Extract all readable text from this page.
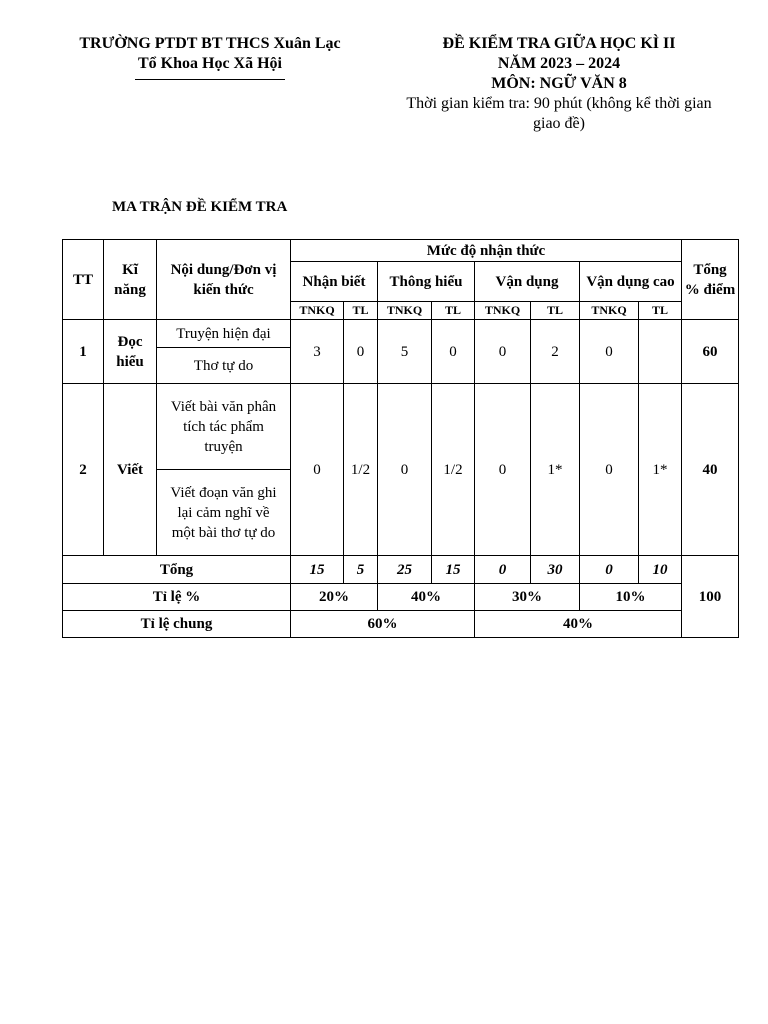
TRƯỜNG PTDT BT THCS Xuân Lạc
Tổ Khoa Học Xã Hội
ĐỀ KIỂM TRA GIỮA HỌC KÌ II
NĂM 2023 – 2024
MÔN: NGỮ VĂN 8
Thời gian kiểm tra: 90 phút (không kể thời gian
giao đề)
MA TRẬN ĐỀ KIỂM TRA
TT	Kĩ năng	Nội dung/Đơn vị kiến thức	Mức độ nhận thức								Tổng % điểm
			Nhận biết		Thông hiểu		Vận dụng		Vận dụng cao		
			TNKQ	TL	TNKQ	TL	TNKQ	TL	TNKQ	TL	
1	Đọc hiểu	Truyện hiện đại	3	0	5	0	0	2	0		60
		Thơ tự do									
2	Viết	Viết bài văn phân tích tác phẩm truyện	0	1/2	0	1/2	0	1*	0	1*	40
		Viết đoạn văn ghi lại cảm nghĩ về một bài thơ tự do									
Tổng			15	5	25	15	0	30	0	10	100
Tỉ lệ %			20%		40%		30%		10%		
Tỉ lệ chung			60%				40%				
